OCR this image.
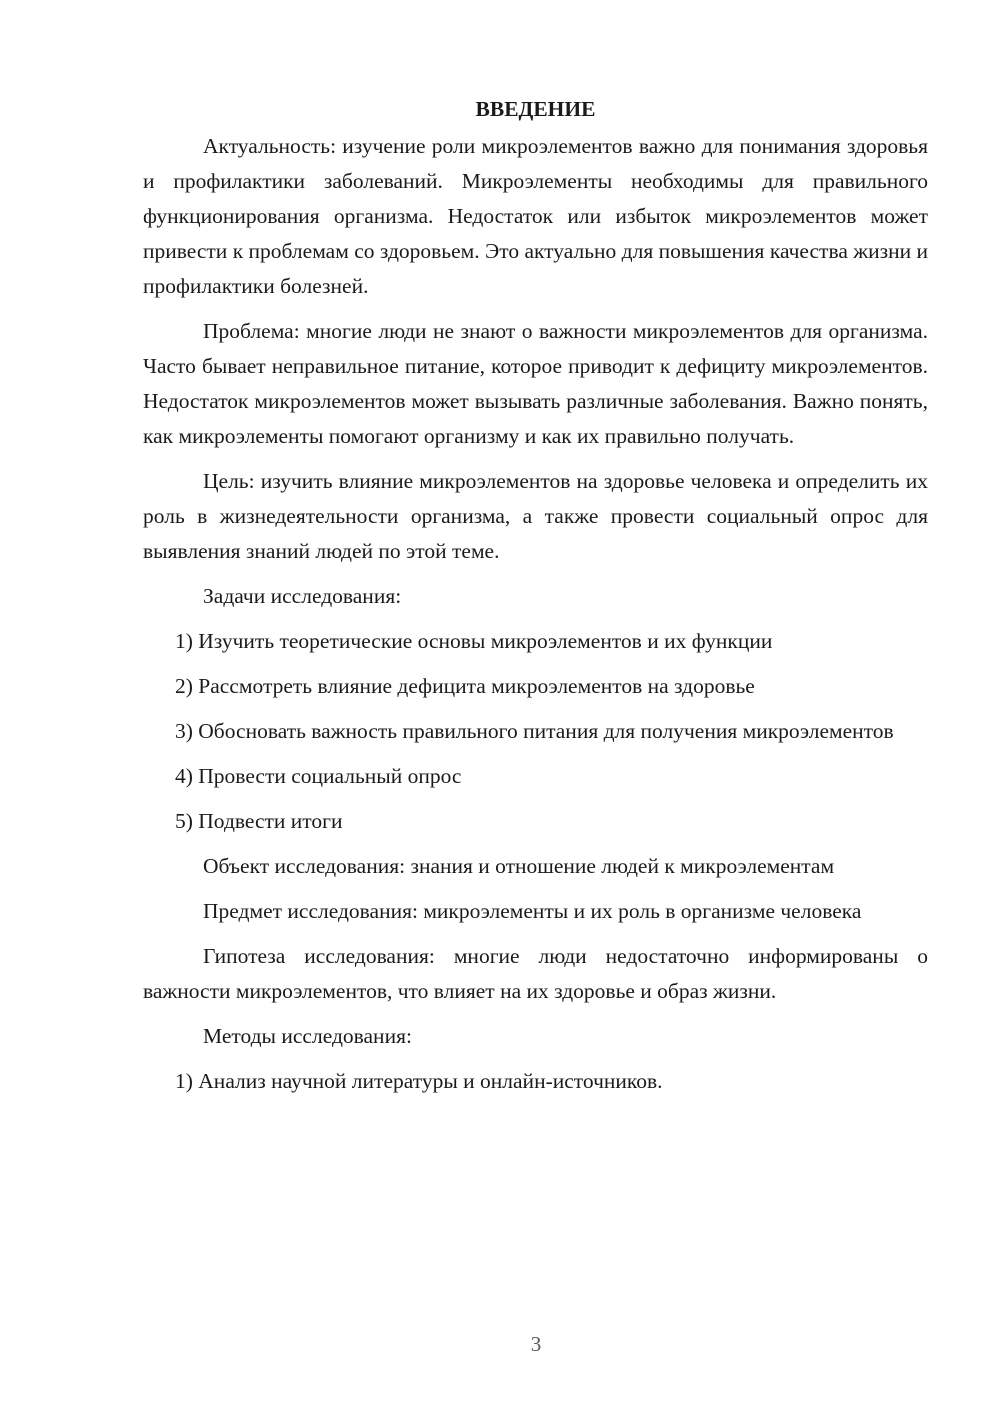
ВВЕДЕНИЕ

Актуальность: изучение роли микроэлементов важно для понимания здоровья и профилактики заболеваний. Микроэлементы необходимы для правильного функционирования организма. Недостаток или избыток микроэлементов может привести к проблемам со здоровьем. Это актуально для повышения качества жизни и профилактики болезней.

Проблема: многие люди не знают о важности микроэлементов для организма. Часто бывает неправильное питание, которое приводит к дефициту микроэлементов. Недостаток микроэлементов может вызывать различные заболевания. Важно понять, как микроэлементы помогают организму и как их правильно получать.

Цель: изучить влияние микроэлементов на здоровье человека и определить их роль в жизнедеятельности организма, а также провести социальный опрос для выявления знаний людей по этой теме.

Задачи исследования:

1) Изучить теоретические основы микроэлементов и их функции

2) Рассмотреть влияние дефицита микроэлементов на здоровье

3) Обосновать важность правильного питания для получения микроэлементов

4) Провести социальный опрос

5) Подвести итоги

Объект исследования: знания и отношение людей к микроэлементам

Предмет исследования: микроэлементы и их роль в организме человека

Гипотеза исследования: многие люди недостаточно информированы о важности микроэлементов, что влияет на их здоровье и образ жизни.

Методы исследования:

1) Анализ научной литературы и онлайн-источников.

3
